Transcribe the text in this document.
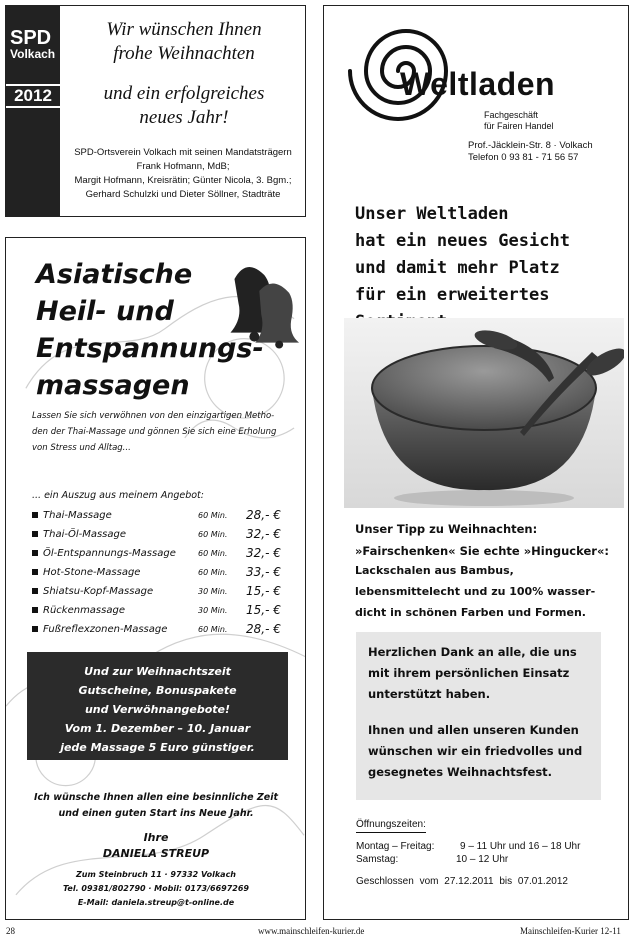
SPD
Volkach
2012
Wir wünschen Ihnen
frohe Weihnachten
und ein erfolgreiches
neues Jahr!
SPD-Ortsverein Volkach mit seinen Mandatsträgern
Frank Hofmann, MdB;
Margit Hofmann, Kreisrätin; Günter Nicola, 3. Bgm.;
Gerhard Schulzki und Dieter Söllner, Stadträte
Asiatische
Heil- und
Entspannungs-
massagen
Lassen Sie sich verwöhnen von den einzigartigen Metho-
den der Thai-Massage und gönnen Sie sich eine Erholung
von Stress und Alltag...
... ein Auszug aus meinem Angebot:
Thai-Massage	60 Min. 28,- €
Thai-Öl-Massage	60 Min. 32,- €
Öl-Entspannungs-Massage	60 Min. 32,- €
Hot-Stone-Massage	60 Min. 33,- €
Shiatsu-Kopf-Massage	30 Min. 15,- €
Rückenmassage	30 Min. 15,- €
Fußreflexzonen-Massage	60 Min. 28,- €
Und zur Weihnachtszeit
Gutscheine, Bonuspakete
und Verwöhnangebote!
Vom 1. Dezember – 10. Januar
jede Massage 5 Euro günstiger.
Ich wünsche Ihnen allen eine besinnliche Zeit
und einen guten Start ins Neue Jahr.
Ihre
DANIELA STREUP
Zum Steinbruch 11 · 97332 Volkach
Tel. 09381/802790 · Mobil: 0173/6697269
E-Mail: daniela.streup@t-online.de
Weltladen
Fachgeschäft
für Fairen Handel
Prof.-Jäcklein-Str. 8 · Volkach
Telefon 0 93 81 - 71 56 57
Unser Weltladen
hat ein neues Gesicht
und damit mehr Platz
für ein erweitertes
Unser Tipp zu Weihnachten:
»Fairschenken« Sie echte »Hingucker«:
Lackschalen aus Bambus,
lebensmittelecht und zu 100% wasser-
dicht in schönen Farben und Formen.
Herzlichen Dank an alle, die uns
mit ihrem persönlichen Einsatz
unterstützt haben.
Ihnen und allen unseren Kunden
wünschen wir ein friedvolles und
gesegnetes Weihnachtsfest.
Öffnungszeiten:
Montag – Freitag:	9 – 11 Uhr und 16 – 18 Uhr
Samstag:	10 – 12 Uhr
Geschlossen vom 27.12.2011 bis 07.01.2012
28	www.mainschleifen-kurier.de	Mainschleifen-Kurier 12-11
